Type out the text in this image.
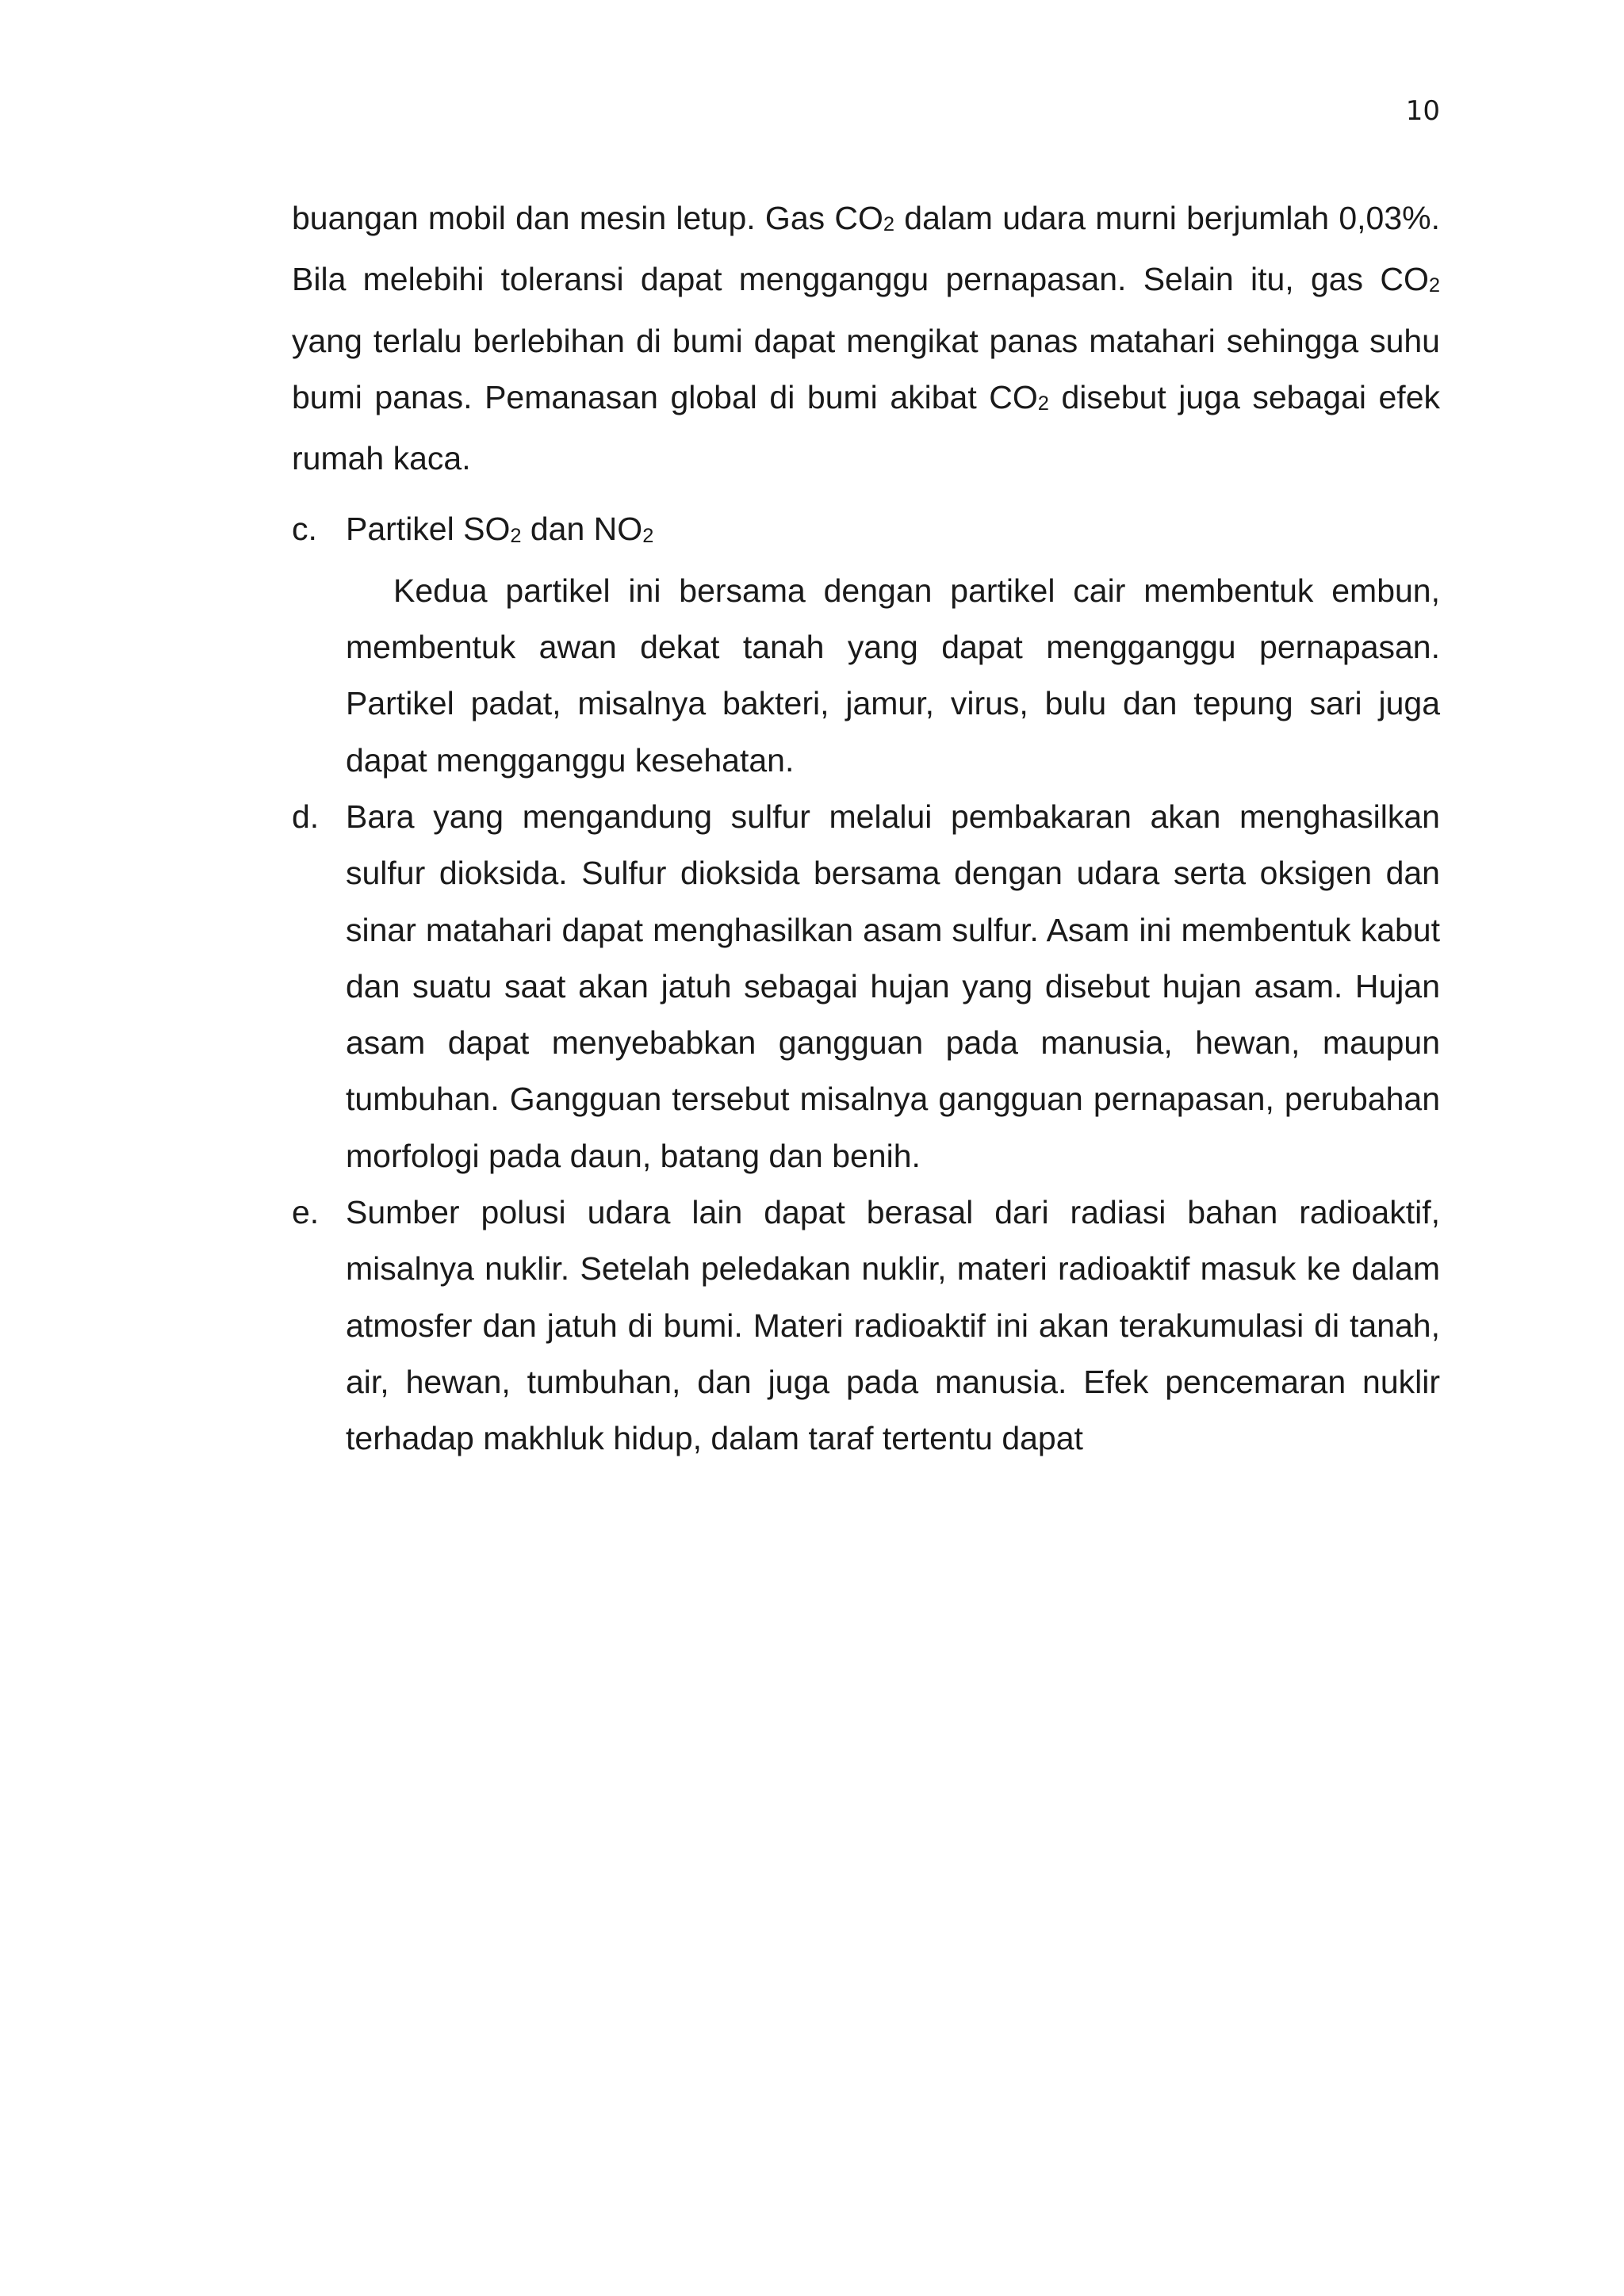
10

buangan mobil dan mesin letup. Gas $CO_2$ dalam udara murni berjumlah 0,03%. Bila melebihi toleransi dapat mengganggu pernapasan. Selain itu, gas $CO_2$ yang terlalu berlebihan di bumi dapat mengikat panas matahari sehingga suhu bumi panas. Pemanasan global di bumi akibat $CO_2$ disebut juga sebagai efek rumah kaca.

c. Partikel $SO_2$ dan $NO_2$

Kedua partikel ini bersama dengan partikel cair membentuk embun, membentuk awan dekat tanah yang dapat mengganggu pernapasan. Partikel padat, misalnya bakteri, jamur, virus, bulu dan tepung sari juga dapat mengganggu kesehatan.

d. Bara yang mengandung sulfur melalui pembakaran akan menghasilkan sulfur dioksida. Sulfur dioksida bersama dengan udara serta oksigen dan sinar matahari dapat menghasilkan asam sulfur. Asam ini membentuk kabut dan suatu saat akan jatuh sebagai hujan yang disebut hujan asam. Hujan asam dapat menyebabkan gangguan pada manusia, hewan, maupun tumbuhan. Gangguan tersebut misalnya gangguan pernapasan, perubahan morfologi pada daun, batang dan benih.

e. Sumber polusi udara lain dapat berasal dari radiasi bahan radioaktif, misalnya nuklir. Setelah peledakan nuklir, materi radioaktif masuk ke dalam atmosfer dan jatuh di bumi. Materi radioaktif ini akan terakumulasi di tanah, air, hewan, tumbuhan, dan juga pada manusia. Efek pencemaran nuklir terhadap makhluk hidup, dalam taraf tertentu dapat
